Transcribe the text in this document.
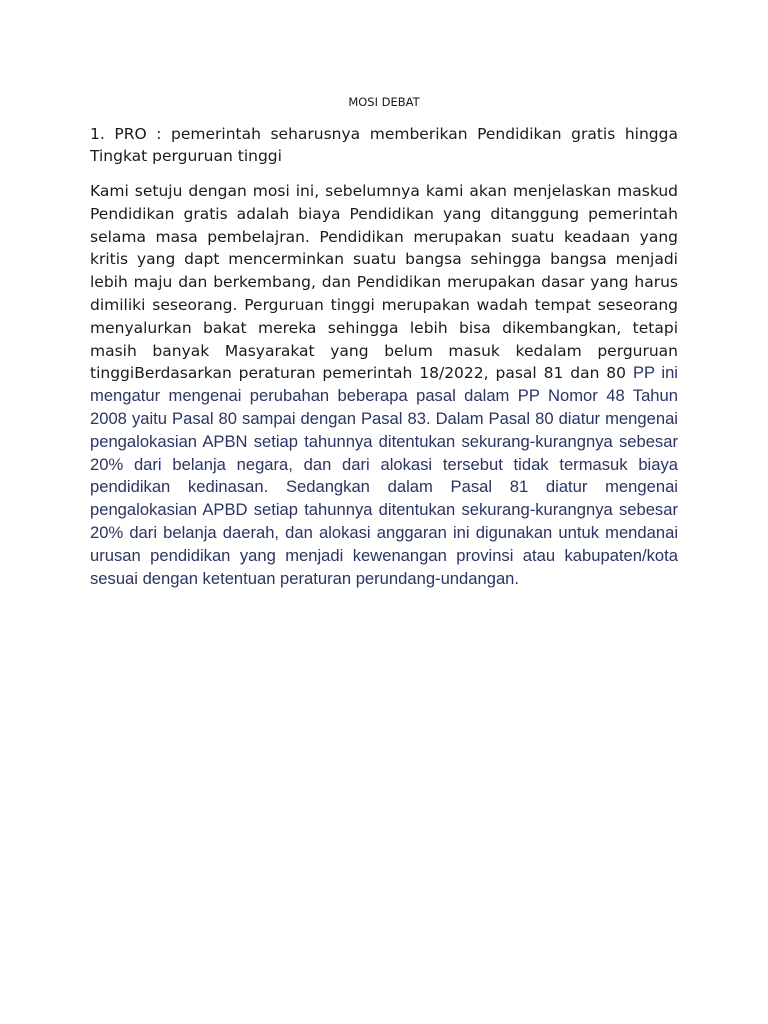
MOSI DEBAT

1. PRO : pemerintah seharusnya memberikan Pendidikan gratis hingga Tingkat perguruan tinggi

Kami setuju dengan mosi ini, sebelumnya kami akan menjelaskan maskud Pendidikan gratis adalah biaya Pendidikan yang ditanggung pemerintah selama masa pembelajran. Pendidikan merupakan suatu keadaan yang kritis yang dapt mencerminkan suatu bangsa sehingga bangsa menjadi lebih maju dan berkembang, dan Pendidikan merupakan dasar yang harus dimiliki seseorang. Perguruan tinggi merupakan wadah tempat seseorang menyalurkan bakat mereka sehingga lebih bisa dikembangkan, tetapi masih banyak Masyarakat yang belum masuk kedalam perguruan tinggiBerdasarkan peraturan pemerintah 18/2022, pasal 81 dan 80 PP ini mengatur mengenai perubahan beberapa pasal dalam PP Nomor 48 Tahun 2008 yaitu Pasal 80 sampai dengan Pasal 83. Dalam Pasal 80 diatur mengenai pengalokasian APBN setiap tahunnya ditentukan sekurang-kurangnya sebesar 20% dari belanja negara, dan dari alokasi tersebut tidak termasuk biaya pendidikan kedinasan. Sedangkan dalam Pasal 81 diatur mengenai pengalokasian APBD setiap tahunnya ditentukan sekurang-kurangnya sebesar 20% dari belanja daerah, dan alokasi anggaran ini digunakan untuk mendanai urusan pendidikan yang menjadi kewenangan provinsi atau kabupaten/kota sesuai dengan ketentuan peraturan perundang-undangan.
